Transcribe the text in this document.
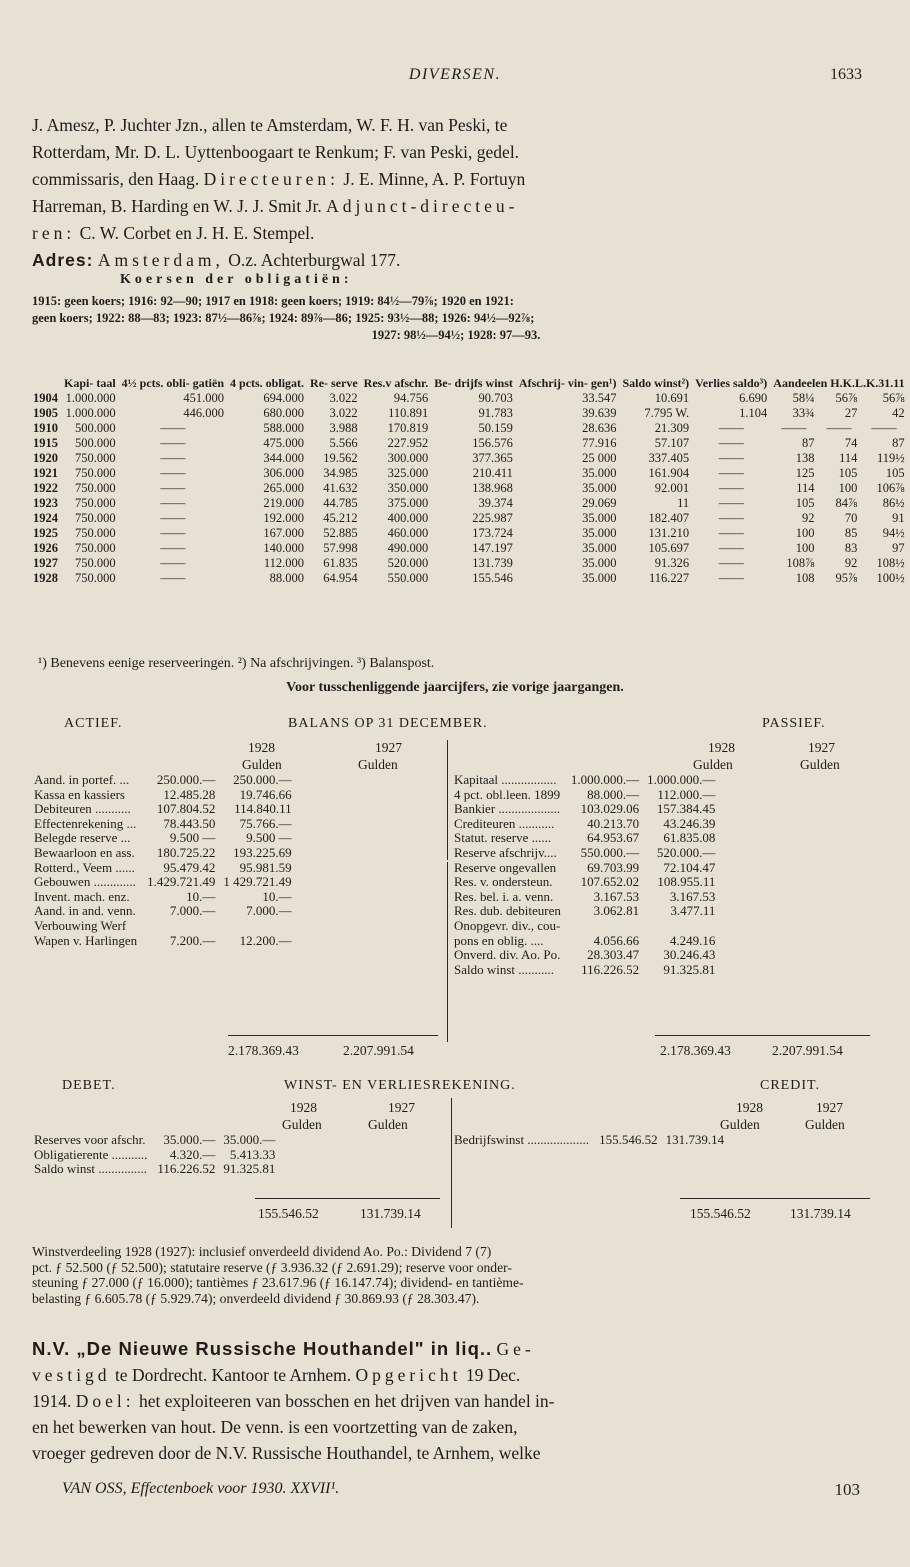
DIVERSEN.	1633
J. Amesz, P. Juchter Jzn., allen te Amsterdam, W. F. H. van Peski, te
Rotterdam, Mr. D. L. Uyttenboogaart te Renkum; F. van Peski, gedel.
commissaris, den Haag. Directeuren: J. E. Minne, A. P. Fortuyn
Harreman, B. Harding en W. J. J. Smit Jr. Adjunct-directeu-
ren: C. W. Corbet en J. H. E. Stempel.
Adres: Amsterdam, O.z. Achterburgwal 177.
Koersen der obligatiën:
1915: geen koers; 1916: 92—90; 1917 en 1918: geen koers; 1919: 84½—79⅞; 1920 en 1921:
geen koers; 1922: 88—83; 1923: 87½—86⅞; 1924: 89⅞—86; 1925: 93½—88; 1926: 94½—92⅞;
1927: 98½—94½; 1928: 97—93.
	Kapi- taal	4½ pcts. obli- gatiën	4 pcts. obligat.	Re- serve	Res.v afschr.	Be- drijfs winst	Afschrij- vin- gen¹)	Saldo winst²)	Verlies saldo³)	Aandeelen H.K.L.K.31.11		
1904	1.000.000	451.000	694.000	3.022	94.756	90.703	33.547	10.691	6.690	58¼	56⅞	56⅞
1905	1.000.000	446.000	680.000	3.022	110.891	91.783	39.639	7.795 W.	1.104	33¾	27	42
1910	500.000	——	588.000	3.988	170.819	50.159	28.636	21.309	——	——	——	——
1915	500.000	——	475.000	5.566	227.952	156.576	77.916	57.107	——	87	74	87
1920	750.000	——	344.000	19.562	300.000	377.365	25 000	337.405	——	138	114	119½
1921	750.000	——	306.000	34.985	325.000	210.411	35.000	161.904	——	125	105	105
1922	750.000	——	265.000	41.632	350.000	138.968	35.000	92.001	——	114	100	106⅞
1923	750.000	——	219.000	44.785	375.000	39.374	29.069	11	——	105	84⅞	86½
1924	750.000	——	192.000	45.212	400.000	225.987	35.000	182.407	——	92	70	91
1925	750.000	——	167.000	52.885	460.000	173.724	35.000	131.210	——	100	85	94½
1926	750.000	——	140.000	57.998	490.000	147.197	35.000	105.697	——	100	83	97
1927	750.000	——	112.000	61.835	520.000	131.739	35.000	91.326	——	108⅞	92	108½
1928	750.000	——	88.000	64.954	550.000	155.546	35.000	116.227	——	108	95⅞	100½
¹) Benevens eenige reserveeringen. ²) Na afschrijvingen. ³) Balanspost.
Voor tusschenliggende jaarcijfers, zie vorige jaargangen.
ACTIEF.	BALANS OP 31 DECEMBER.	PASSIEF.
1928	1927
Gulden	Gulden
1928	1927
Gulden	Gulden
Aand. in portef. ...	250.000.—	250.000.—
Kassa en kassiers	12.485.28	19.746.66
Debiteuren ...........	107.804.52	114.840.11
Effectenrekening ...	78.443.50	75.766.—
Belegde reserve ...	9.500 —	9.500 —
Bewaarloon en ass.	180.725.22	193.225.69
Rotterd., Veem ......	95.479.42	95.981.59
Gebouwen .............	1.429.721.49	1 429.721.49
Invent. mach. enz.	10.—	10.—
Aand. in and. venn.	7.000.—	7.000.—
Verbouwing Werf		
Wapen v. Harlingen	7.200.—	12.200.—
Kapitaal .................	1.000.000.—	1.000.000.—
4 pct. obl.leen. 1899	88.000.—	112.000.—
Bankier ...................	103.029.06	157.384.45
Crediteuren ...........	40.213.70	43.246.39
Statut. reserve ......	64.953.67	61.835.08
Reserve afschrijv....	550.000.—	520.000.—
Reserve ongevallen	69.703.99	72.104.47
Res. v. ondersteun.	107.652.02	108.955.11
Res. bel. i. a. venn.	3.167.53	3.167.53
Res. dub. debiteuren	3.062.81	3.477.11
Onopgevr. div., cou-		
pons en oblig. ....	4.056.66	4.249.16
Onverd. div. Ao. Po.	28.303.47	30.246.43
Saldo winst ...........	116.226.52	91.325.81
2.178.369.43	2.207.991.54	2.178.369.43	2.207.991.54
DEBET.	WINST- EN VERLIESREKENING.	CREDIT.
1928	1927
Gulden	Gulden
1928	1927
Gulden	Gulden
Reserves voor afschr.	35.000.—	35.000.—
Obligatierente ...........	4.320.—	5.413.33
Saldo winst ...............	116.226.52	91.325.81
Bedrijfswinst ...................	155.546.52	131.739.14
155.546.52	131.739.14	155.546.52	131.739.14
Winstverdeeling 1928 (1927): inclusief onverdeeld dividend Ao. Po.: Dividend 7 (7)
pct. ƒ 52.500 (ƒ 52.500); statutaire reserve (ƒ 3.936.32 (ƒ 2.691.29); reserve voor onder-
steuning ƒ 27.000 (ƒ 16.000); tantièmes ƒ 23.617.96 (ƒ 16.147.74); dividend- en tantième-
belasting ƒ 6.605.78 (ƒ 5.929.74); onverdeeld dividend ƒ 30.869.93 (ƒ 28.303.47).
N.V. „De Nieuwe Russische Houthandel" in liq.. Ge-
vestigd te Dordrecht. Kantoor te Arnhem. Opgericht 19 Dec.
1914. Doel: het exploiteeren van bosschen en het drijven van handel in-
en het bewerken van hout. De venn. is een voortzetting van de zaken,
vroeger gedreven door de N.V. Russische Houthandel, te Arnhem, welke
VAN OSS, Effectenboek voor 1930. XXVII¹.	103
